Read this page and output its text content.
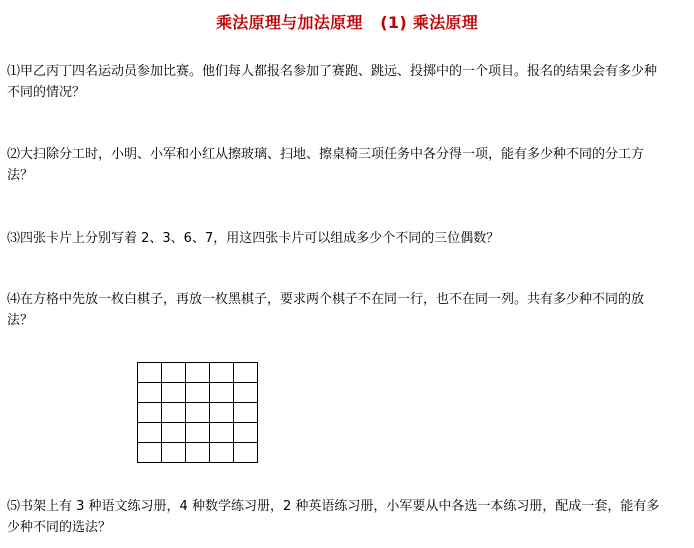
乘法原理与加法原理   (1) 乘法原理
⑴甲乙丙丁四名运动员参加比赛。他们每人都报名参加了赛跑、跳远、投掷中的一个项目。报名的结果会有多少种不同的情况？
⑵大扫除分工时，小明、小军和小红从擦玻璃、扫地、擦桌椅三项任务中各分得一项，能有多少种不同的分工方法？
⑶四张卡片上分别写着 2、3、6、7，用这四张卡片可以组成多少个不同的三位偶数？
⑷在方格中先放一枚白棋子，再放一枚黑棋子，要求两个棋子不在同一行，也不在同一列。共有多少种不同的放法？

⑸书架上有 3 种语文练习册，4 种数学练习册，2 种英语练习册，小军要从中各选一本练习册，配成一套，能有多少种不同的选法？
